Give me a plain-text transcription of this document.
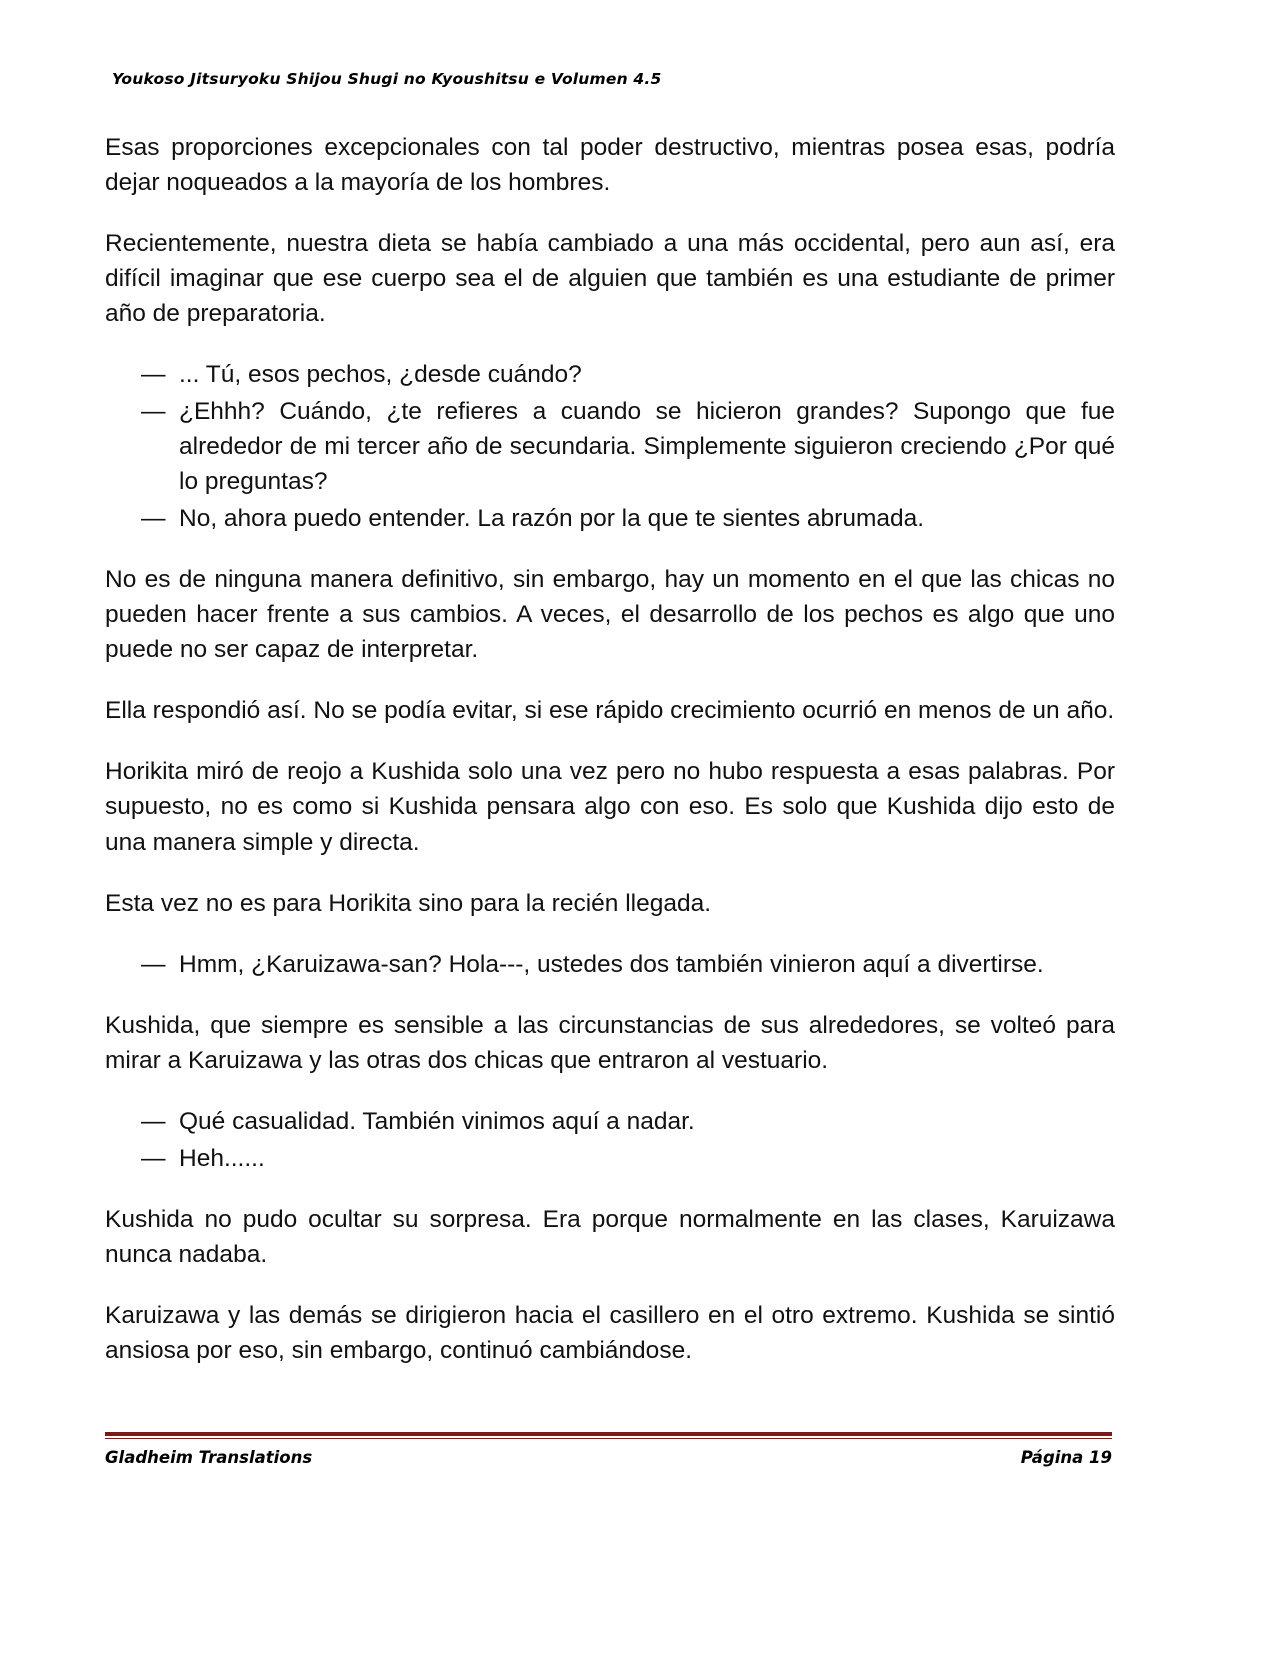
Youkoso Jitsuryoku Shijou Shugi no Kyoushitsu e Volumen 4.5

Esas proporciones excepcionales con tal poder destructivo, mientras posea esas, podría dejar noqueados a la mayoría de los hombres.

Recientemente, nuestra dieta se había cambiado a una más occidental, pero aun así, era difícil imaginar que ese cuerpo sea el de alguien que también es una estudiante de primer año de preparatoria.

— ... Tú, esos pechos, ¿desde cuándo?
— ¿Ehhh? Cuándo, ¿te refieres a cuando se hicieron grandes? Supongo que fue alrededor de mi tercer año de secundaria. Simplemente siguieron creciendo ¿Por qué lo preguntas?
— No, ahora puedo entender. La razón por la que te sientes abrumada.

No es de ninguna manera definitivo, sin embargo, hay un momento en el que las chicas no pueden hacer frente a sus cambios. A veces, el desarrollo de los pechos es algo que uno puede no ser capaz de interpretar.

Ella respondió así. No se podía evitar, si ese rápido crecimiento ocurrió en menos de un año.

Horikita miró de reojo a Kushida solo una vez pero no hubo respuesta a esas palabras. Por supuesto, no es como si Kushida pensara algo con eso. Es solo que Kushida dijo esto de una manera simple y directa.

Esta vez no es para Horikita sino para la recién llegada.

— Hmm, ¿Karuizawa-san? Hola---, ustedes dos también vinieron aquí a divertirse.

Kushida, que siempre es sensible a las circunstancias de sus alrededores, se volteó para mirar a Karuizawa y las otras dos chicas que entraron al vestuario.

— Qué casualidad. También vinimos aquí a nadar.
— Heh......

Kushida no pudo ocultar su sorpresa. Era porque normalmente en las clases, Karuizawa nunca nadaba.

Karuizawa y las demás se dirigieron hacia el casillero en el otro extremo. Kushida se sintió ansiosa por eso, sin embargo, continuó cambiándose.

Gladheim Translations	Página 19
